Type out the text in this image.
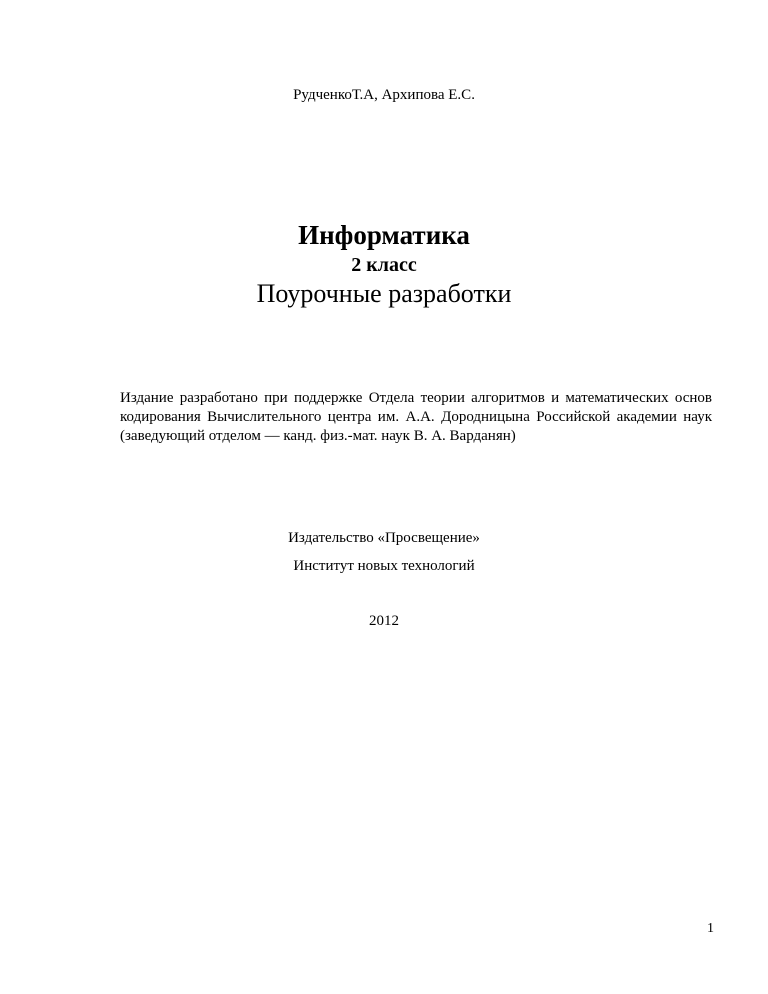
РудченкоТ.А, Архипова Е.С.
Информатика
2 класс
Поурочные разработки
Издание разработано при поддержке Отдела теории алгоритмов и математических основ кодирования Вычислительного центра им. А.А. Дородницына Российской академии наук (заведующий отделом — канд. физ.-мат. наук В. А. Варданян)
Издательство «Просвещение»
Институт новых технологий
2012
1
